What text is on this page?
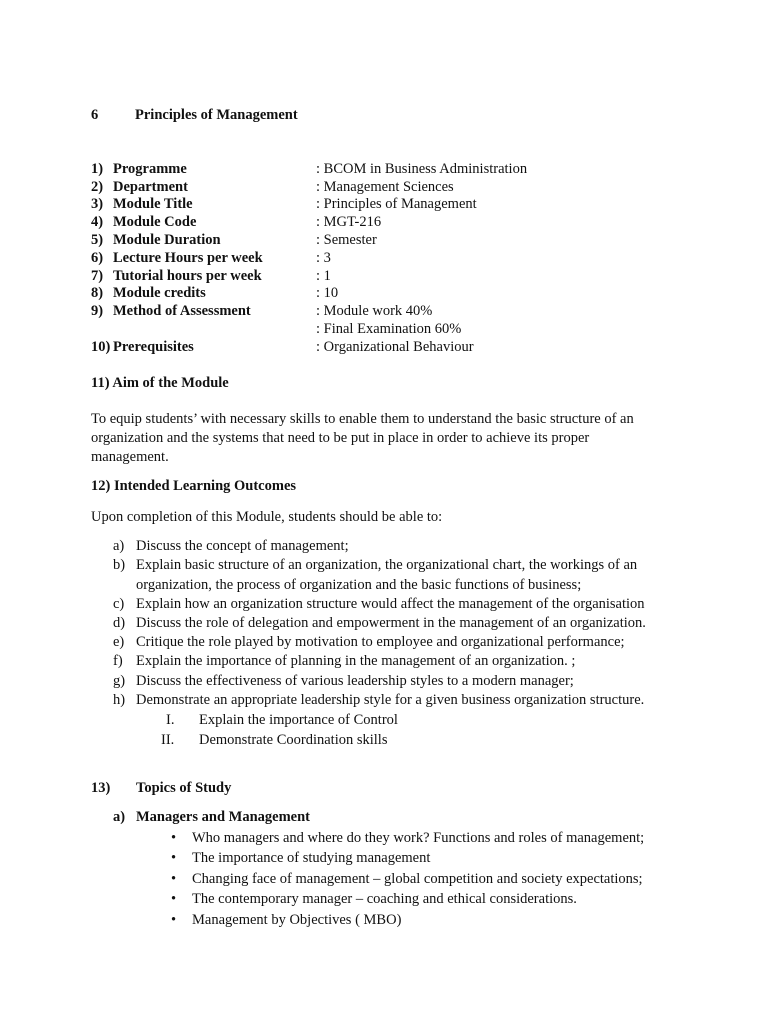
6	Principles of Management
1) Programme	: BCOM in Business Administration
2) Department	: Management Sciences
3) Module Title	: Principles of Management
4) Module Code	: MGT-216
5) Module Duration	: Semester
6) Lecture Hours per week	: 3
7) Tutorial hours per week	: 1
8) Module credits	: 10
9) Method of Assessment	: Module work 40%
: Final Examination 60%
10) Prerequisites	: Organizational Behaviour
11) Aim of the Module
To equip students’ with necessary skills to enable them to understand the basic structure of an
organization and the systems that need to be put in place in order to achieve its proper
management.
12) Intended Learning Outcomes
Upon completion of this Module, students should be able to:
a) Discuss the concept of management;
b) Explain basic structure of an organization, the organizational chart, the workings of an
organization, the process of organization and the basic functions of business;
c) Explain how an organization structure would affect the management of the organisation
d) Discuss the role of delegation and empowerment in the management of an organization.
e) Critique the role played by motivation to employee and organizational performance;
f) Explain the importance of planning in the management of an organization. ;
g) Discuss the effectiveness of various leadership styles to a modern manager;
h) Demonstrate an appropriate leadership style for a given business organization structure.
I. Explain the importance of Control
II. Demonstrate Coordination skills
13) Topics of Study
a) Managers and Management
• Who managers and where do they work? Functions and roles of management;
• The importance of studying management
• Changing face of management – global competition and society expectations;
• The contemporary manager – coaching and ethical considerations.
• Management by Objectives ( MBO)
